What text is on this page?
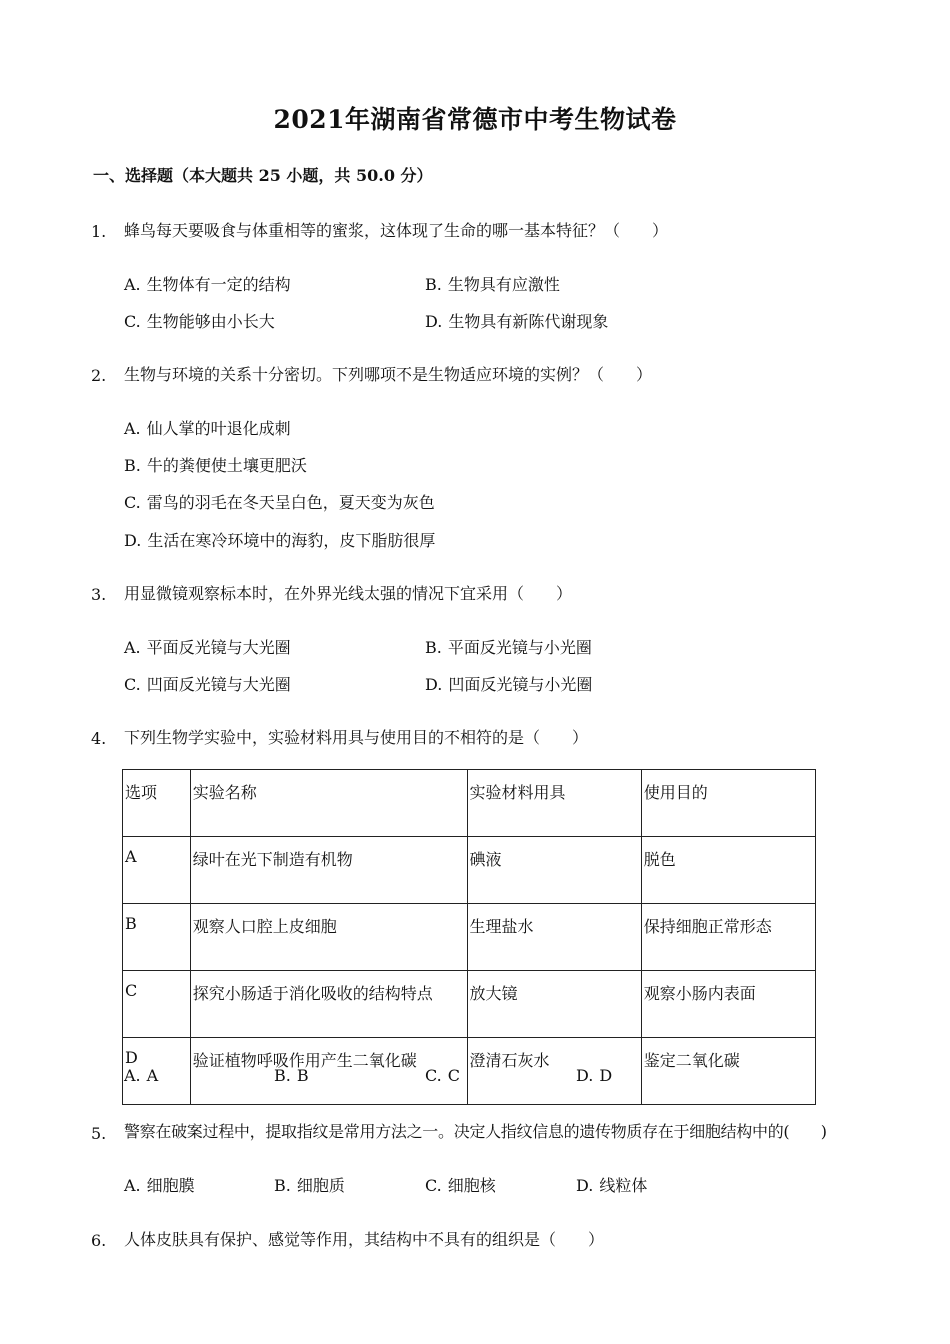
2021年湖南省常德市中考生物试卷
一、选择题（本大题共 25 小题，共 50.0 分）
1. 蜂鸟每天要吸食与体重相等的蜜浆，这体现了生命的哪一基本特征？（　　）
A. 生物体有一定的结构	B. 生物具有应激性
C. 生物能够由小长大	D. 生物具有新陈代谢现象
2. 生物与环境的关系十分密切。下列哪项不是生物适应环境的实例？（　　）
A. 仙人掌的叶退化成刺
B. 牛的粪便使土壤更肥沃
C. 雷鸟的羽毛在冬天呈白色，夏天变为灰色
D. 生活在寒冷环境中的海豹，皮下脂肪很厚
3. 用显微镜观察标本时，在外界光线太强的情况下宜采用（　　）
A. 平面反光镜与大光圈	B. 平面反光镜与小光圈
C. 凹面反光镜与大光圈	D. 凹面反光镜与小光圈
4. 下列生物学实验中，实验材料用具与使用目的不相符的是（　　）
选项	实验名称	实验材料用具	使用目的
A	绿叶在光下制造有机物	碘液	脱色
B	观察人口腔上皮细胞	生理盐水	保持细胞正常形态
C	探究小肠适于消化吸收的结构特点	放大镜	观察小肠内表面
D	验证植物呼吸作用产生二氧化碳	澄清石灰水	鉴定二氧化碳
A. A	B. B	C. C	D. D
5. 警察在破案过程中，提取指纹是常用方法之一。决定人指纹信息的遗传物质存在于细胞结构中的(　　)
A. 细胞膜	B. 细胞质	C. 细胞核	D. 线粒体
6. 人体皮肤具有保护、感觉等作用，其结构中不具有的组织是（　　）
